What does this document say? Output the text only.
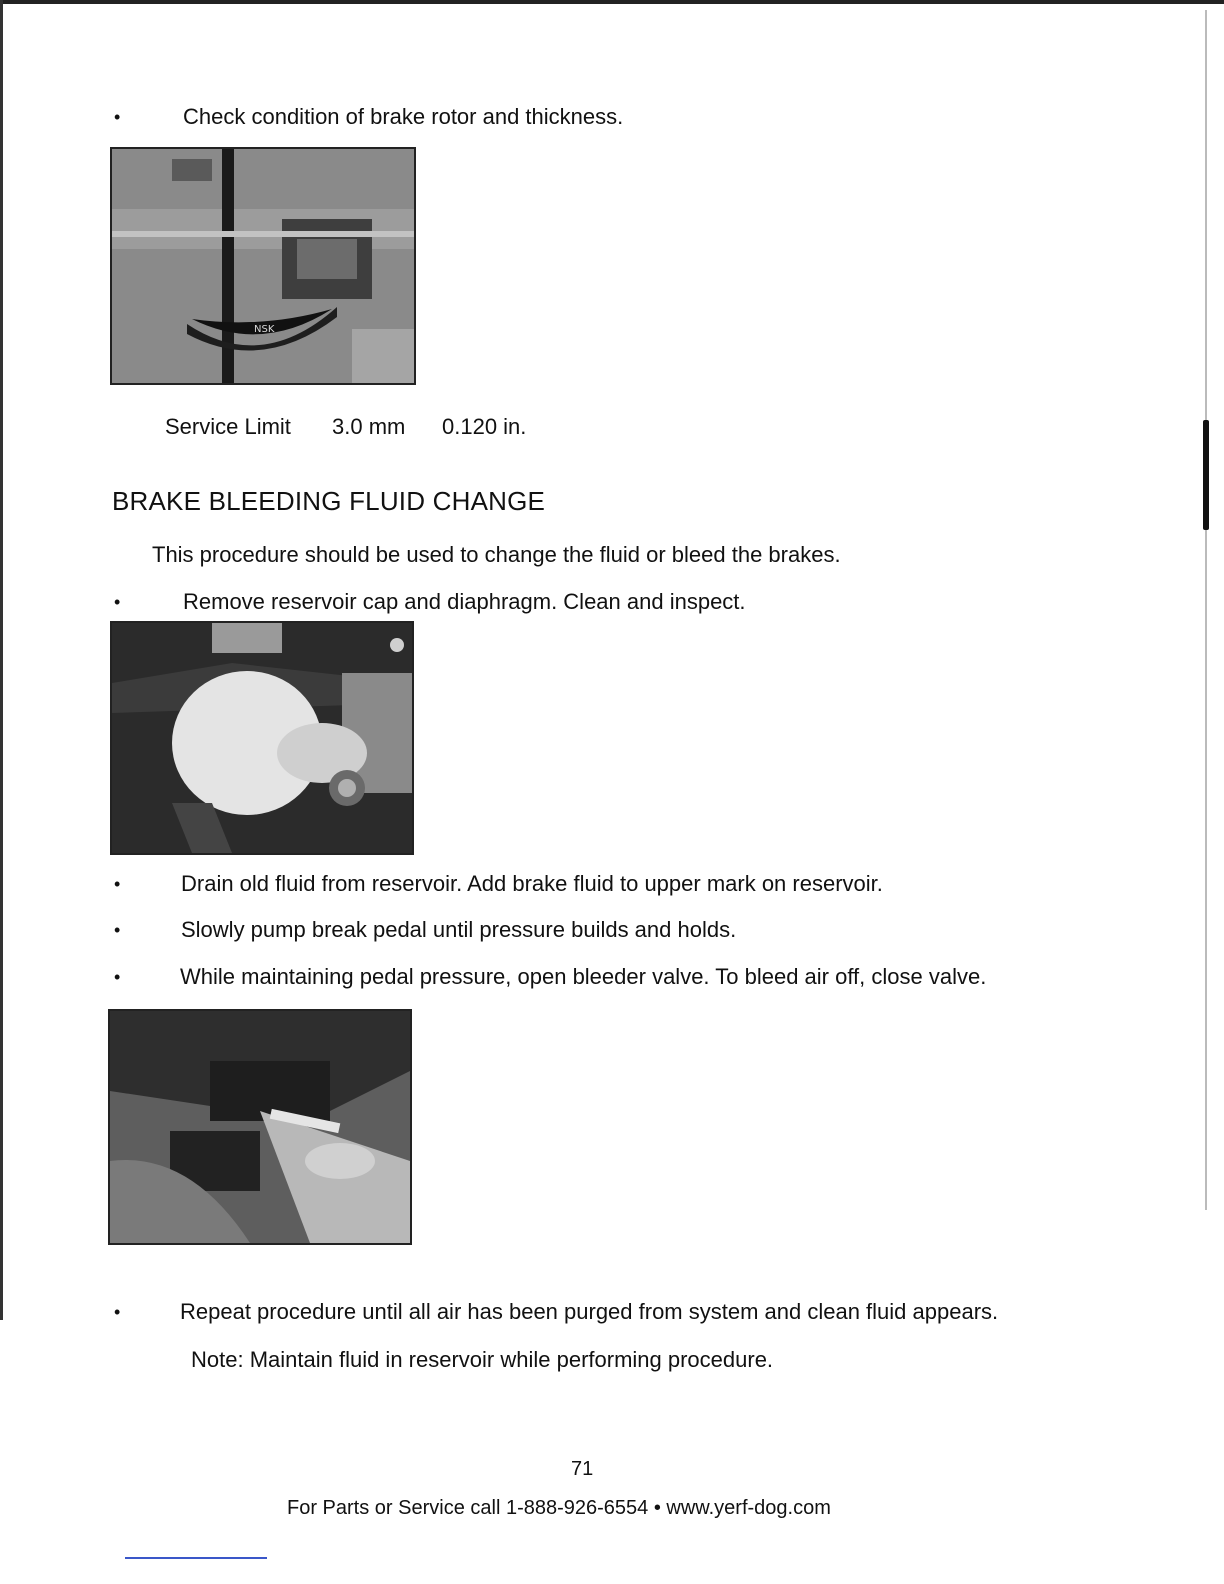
•	Check condition of brake rotor and thickness.
NSK
Service Limit 3.0 mm 0.120 in.
BRAKE BLEEDING FLUID CHANGE
This procedure should be used to change the fluid or bleed the brakes.
•	Remove reservoir cap and diaphragm. Clean and inspect.
•	Drain old fluid from reservoir. Add brake fluid to upper mark on reservoir.
•	Slowly pump break pedal until pressure builds and holds.
•	While maintaining pedal pressure, open bleeder valve. To bleed air off, close valve.
•	Repeat procedure until all air has been purged from system and clean fluid appears.
Note: Maintain fluid in reservoir while performing procedure.
71
For Parts or Service call 1-888-926-6554 • www.yerf-dog.com
